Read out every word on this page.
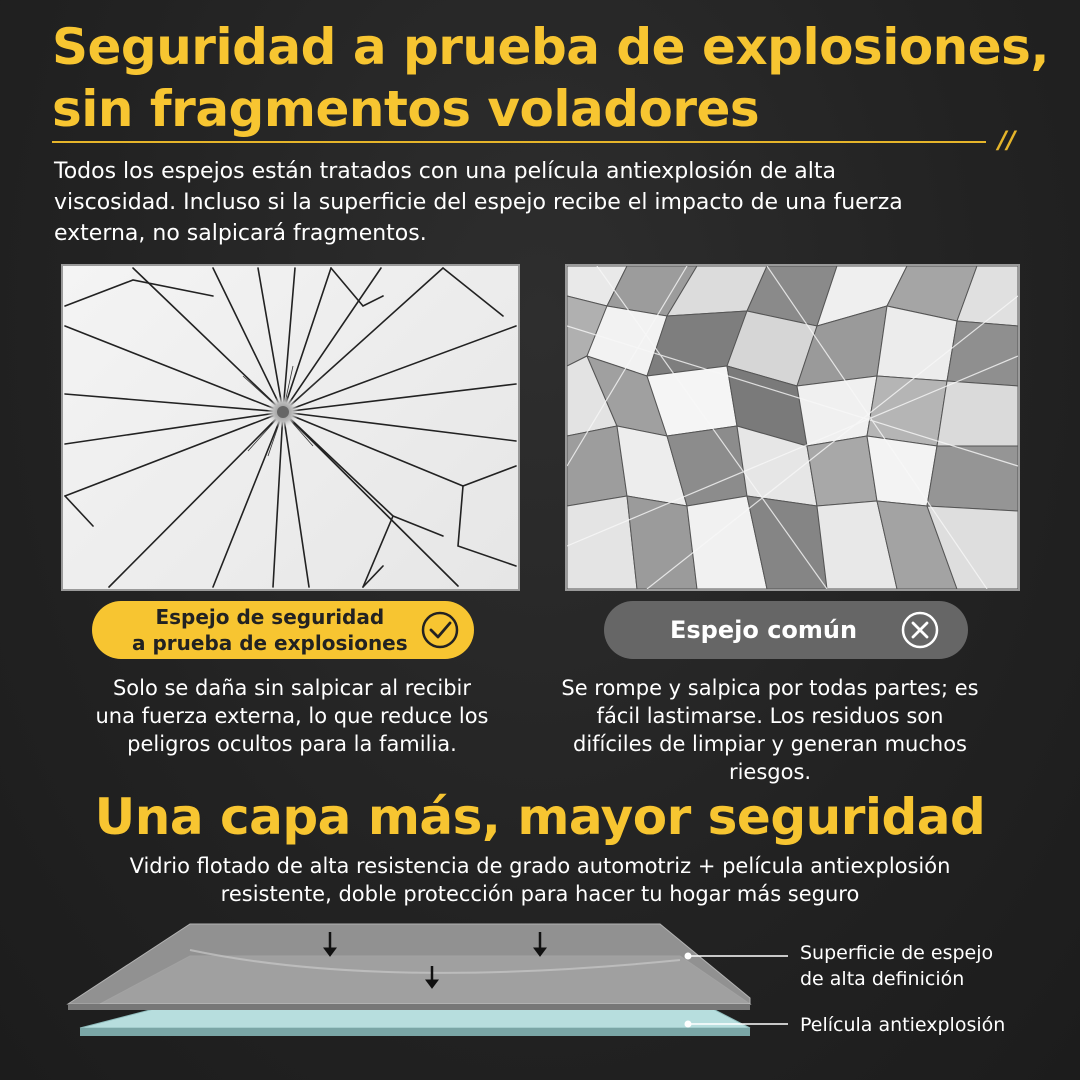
Seguridad a prueba de explosiones,
sin fragmentos voladores
//

Todos los espejos están tratados con una película antiexplosión de alta viscosidad. Incluso si la superficie del espejo recibe el impacto de una fuerza externa, no salpicará fragmentos.

Espejo de seguridad
a prueba de explosiones	Espejo común

Solo se daña sin salpicar al recibir una fuerza externa, lo que reduce los peligros ocultos para la familia.

Se rompe y salpica por todas partes; es fácil lastimarse. Los residuos son difíciles de limpiar y generan muchos riesgos.

Una capa más, mayor seguridad

Vidrio flotado de alta resistencia de grado automotriz + película antiexplosión resistente, doble protección para hacer tu hogar más seguro

Superficie de espejo de alta definición
Película antiexplosión
